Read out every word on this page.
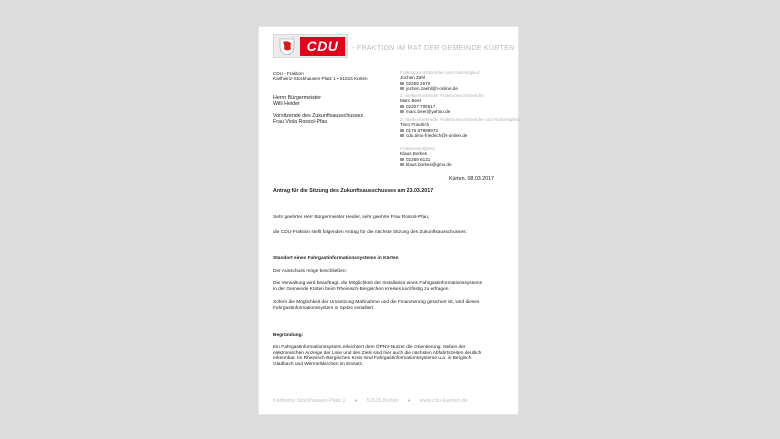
CDU	- FRAKTION IM RAT DER GEMEINDE KÜRTEN
CDU - Fraktion
Karlheinz-Stockhausen-Platz 1 • 51515 Kürten
Herrn Bürgermeister
Willi Heider
Vorsitzende des Zukunftsausschusses
Frau Viola Rossol-Pfau
Fraktionsvorsitzender und Ratsmitglied
Jochen Zähl
02268 2570
jochen.zaehl@t-online.de
1. Stellvertretender Fraktionsvorsitzender
Marc Beer
02207 705917
marc.beer@yahoo.de
2. Stellvertretender Fraktionsvorsitzender und Ratsmitglied
Timo Friedrich
0176 67898973
cdu.timo-friedrich@t-online.de
Fraktionsmitglied
Klaus Borkes
02268 6131
klaus.borkes@gmx.de
Kürten, 08.03.2017
Antrag für die Sitzung des Zukunftsausschusses am 23.03.2017
Sehr geehrter Herr Bürgermeister Heider, sehr geehrte Frau Rossol-Pfau,
die CDU-Fraktion stellt folgenden Antrag für die nächste Sitzung des Zukunftsausschusses:
Standort eines Fahrgastinformationssystems in Kürten
Der Ausschuss möge beschließen:
Die Verwaltung wird beauftragt, die Möglichkeit der Installation eines Fahrgastinformationssystems
in der Gemeinde Kürten beim Rheinisch-Bergischen Kreises kurzfristig zu erfragen.
Sofern die Möglichkeit der Umsetzung Maßnahme und die Finanzierung gesichert ist, wird dieses
Fahrgastinformationssystem in Spitze installiert.
Begründung:
Ein Fahrgastinformationssystem erleichtert dem ÖPNV-Nutzer die Orientierung. Neben der
elektronischen Anzeige der Linie und des Ziels sind hier auch die nächsten Abfahrtszeiten deutlich
erkennbar. Im Rheinisch-Bergischen Kreis sind Fahrgastinformationssysteme u.a. in Bergisch
Gladbach und Wermelskirchen im Einsatz.
Karlheinz-Stockhausen-Platz 1 ● 51515 Kürten ● www.cdu-kuerten.de
